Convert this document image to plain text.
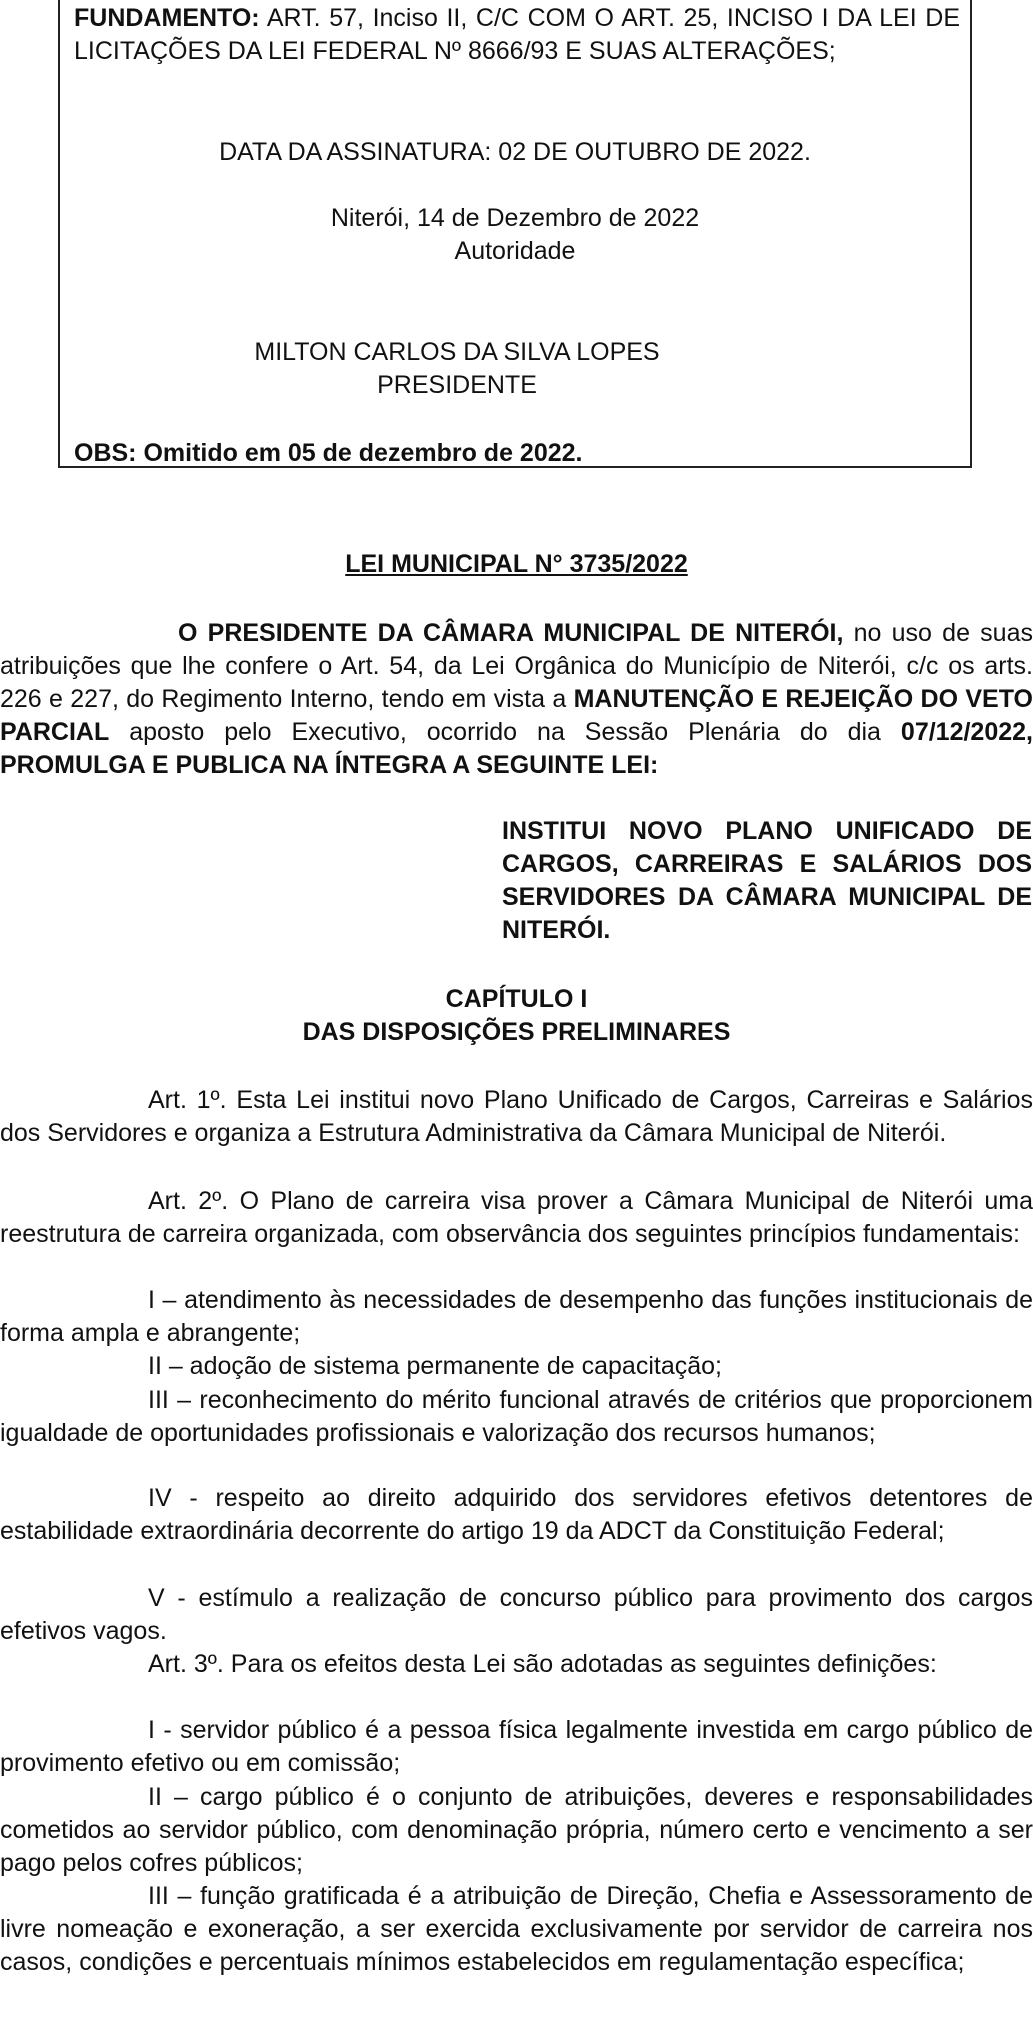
FUNDAMENTO: ART. 57, Inciso II, C/C COM O ART. 25, INCISO I DA LEI DE LICITAÇÕES DA LEI FEDERAL Nº 8666/93 E SUAS ALTERAÇÕES;

DATA DA ASSINATURA: 02 DE OUTUBRO DE 2022.

Niterói, 14 de Dezembro de 2022

Autoridade

MILTON CARLOS DA SILVA LOPES

PRESIDENTE

OBS: Omitido em 05 de dezembro de 2022.

LEI MUNICIPAL N° 3735/2022

O PRESIDENTE DA CÂMARA MUNICIPAL DE NITERÓI, no uso de suas atribuições que lhe confere o Art. 54, da Lei Orgânica do Município de Niterói, c/c os arts. 226 e 227, do Regimento Interno, tendo em vista a MANUTENÇÃO E REJEIÇÃO DO VETO PARCIAL aposto pelo Executivo, ocorrido na Sessão Plenária do dia 07/12/2022, PROMULGA E PUBLICA NA ÍNTEGRA A SEGUINTE LEI:

INSTITUI NOVO PLANO UNIFICADO DE CARGOS, CARREIRAS E SALÁRIOS DOS SERVIDORES DA CÂMARA MUNICIPAL DE NITERÓI.

CAPÍTULO I

DAS DISPOSIÇÕES PRELIMINARES

Art. 1º. Esta Lei institui novo Plano Unificado de Cargos, Carreiras e Salários dos Servidores e organiza a Estrutura Administrativa da Câmara Municipal de Niterói.

Art. 2º. O Plano de carreira visa prover a Câmara Municipal de Niterói uma reestrutura de carreira organizada, com observância dos seguintes princípios fundamentais:

I – atendimento às necessidades de desempenho das funções institucionais de forma ampla e abrangente;

II – adoção de sistema permanente de capacitação;

III – reconhecimento do mérito funcional através de critérios que proporcionem igualdade de oportunidades profissionais e valorização dos recursos humanos;

IV - respeito ao direito adquirido dos servidores efetivos detentores de estabilidade extraordinária decorrente do artigo 19 da ADCT da Constituição Federal;

V - estímulo a realização de concurso público para provimento dos cargos efetivos vagos.

Art. 3º. Para os efeitos desta Lei são adotadas as seguintes definições:

I - servidor público é a pessoa física legalmente investida em cargo público de provimento efetivo ou em comissão;

II – cargo público é o conjunto de atribuições, deveres e responsabilidades cometidos ao servidor público, com denominação própria, número certo e vencimento a ser pago pelos cofres públicos;

III – função gratificada é a atribuição de Direção, Chefia e Assessoramento de livre nomeação e exoneração, a ser exercida exclusivamente por servidor de carreira nos casos, condições e percentuais mínimos estabelecidos em regulamentação específica;
